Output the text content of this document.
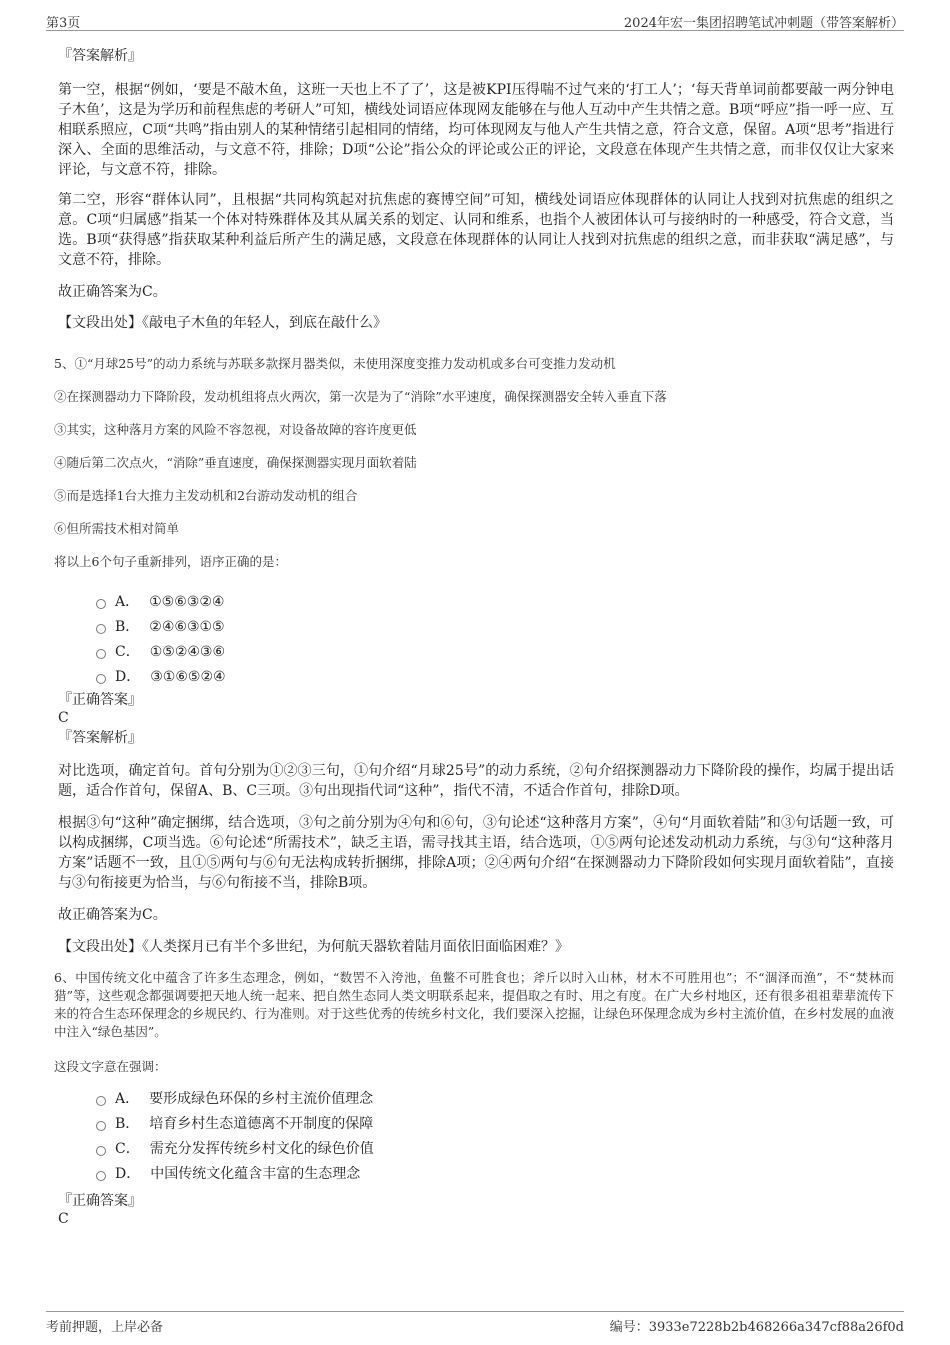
第3页	2024年宏一集团招聘笔试冲刺题（带答案解析）

『答案解析』

第一空，根据“例如，‘要是不敲木鱼，这班一天也上不了了’，这是被KPI压得喘不过气来的‘打工人’；‘每天背单词前都要敲一两分钟电子木鱼’，这是为学历和前程焦虑的考研人”可知，横线处词语应体现网友能够在与他人互动中产生共情之意。B项“呼应”指一呼一应、互相联系照应，C项“共鸣”指由别人的某种情绪引起相同的情绪，均可体现网友与他人产生共情之意，符合文意，保留。A项“思考”指进行深入、全面的思维活动，与文意不符，排除；D项“公论”指公众的评论或公正的评论，文段意在体现产生共情之意，而非仅仅让大家来评论，与文意不符，排除。

第二空，形容“群体认同”，且根据“共同构筑起对抗焦虑的赛博空间”可知，横线处词语应体现群体的认同让人找到对抗焦虑的组织之意。C项“归属感”指某一个体对特殊群体及其从属关系的划定、认同和维系，也指个人被团体认可与接纳时的一种感受，符合文意，当选。B项“获得感”指获取某种利益后所产生的满足感，文段意在体现群体的认同让人找到对抗焦虑的组织之意，而非获取“满足感”，与文意不符，排除。

故正确答案为C。

【文段出处】《敲电子木鱼的年轻人，到底在敲什么》

5、①“月球25号”的动力系统与苏联多款探月器类似，未使用深度变推力发动机或多台可变推力发动机

②在探测器动力下降阶段，发动机组将点火两次，第一次是为了“消除”水平速度，确保探测器安全转入垂直下落

③其实，这种落月方案的风险不容忽视，对设备故障的容许度更低

④随后第二次点火，“消除”垂直速度，确保探测器实现月面软着陆

⑤而是选择1台大推力主发动机和2台游动发动机的组合

⑥但所需技术相对简单

将以上6个句子重新排列，语序正确的是：

A． ①⑤⑥③②④
B． ②④⑥③①⑤
C． ①⑤②④③⑥
D． ③①⑥⑤②④

『正确答案』

C

『答案解析』

对比选项，确定首句。首句分别为①②③三句，①句介绍“月球25号”的动力系统，②句介绍探测器动力下降阶段的操作，均属于提出话题，适合作首句，保留A、B、C三项。③句出现指代词“这种”，指代不清，不适合作首句，排除D项。

根据③句“这种”确定捆绑，结合选项，③句之前分别为④句和⑥句，③句论述“这种落月方案”，④句“月面软着陆”和③句话题一致，可以构成捆绑，C项当选。⑥句论述“所需技术”，缺乏主语，需寻找其主语，结合选项，①⑤两句论述发动机动力系统，与③句“这种落月方案”话题不一致，且①⑤两句与⑥句无法构成转折捆绑，排除A项；②④两句介绍“在探测器动力下降阶段如何实现月面软着陆”，直接与③句衔接更为恰当，与⑥句衔接不当，排除B项。

故正确答案为C。

【文段出处】《人类探月已有半个多世纪，为何航天器软着陆月面依旧面临困难？》

6、中国传统文化中蕴含了许多生态理念，例如，“数罟不入洿池，鱼鳖不可胜食也；斧斤以时入山林，材木不可胜用也”；不“涸泽而渔”，不“焚林而猎”等，这些观念都强调要把天地人统一起来、把自然生态同人类文明联系起来，提倡取之有时、用之有度。在广大乡村地区，还有很多祖祖辈辈流传下来的符合生态环保理念的乡规民约、行为准则。对于这些优秀的传统乡村文化，我们要深入挖掘，让绿色环保理念成为乡村主流价值，在乡村发展的血液中注入“绿色基因”。

这段文字意在强调：

A． 要形成绿色环保的乡村主流价值理念
B． 培育乡村生态道德离不开制度的保障
C． 需充分发挥传统乡村文化的绿色价值
D． 中国传统文化蕴含丰富的生态理念

『正确答案』

C

考前押题，上岸必备	编号：3933e7228b2b468266a347cf88a26f0d
